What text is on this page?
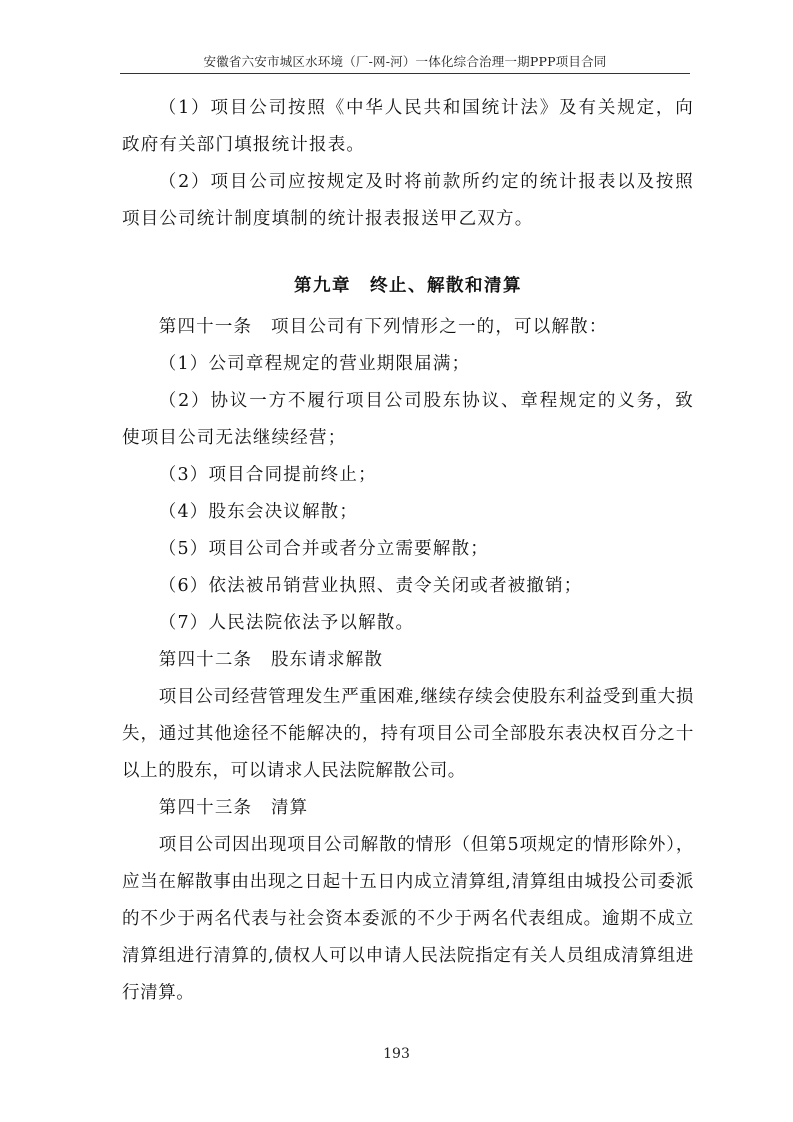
安徽省六安市城区水环境（厂-网-河）一体化综合治理一期PPP项目合同

（1）项目公司按照《中华人民共和国统计法》及有关规定，向政府有关部门填报统计报表。

（2）项目公司应按规定及时将前款所约定的统计报表以及按照项目公司统计制度填制的统计报表报送甲乙双方。

第九章　终止、解散和清算

第四十一条　项目公司有下列情形之一的，可以解散：

（1）公司章程规定的营业期限届满；

（2）协议一方不履行项目公司股东协议、章程规定的义务，致使项目公司无法继续经营；

（3）项目合同提前终止；

（4）股东会决议解散；

（5）项目公司合并或者分立需要解散；

（6）依法被吊销营业执照、责令关闭或者被撤销；

（7）人民法院依法予以解散。

第四十二条　股东请求解散

项目公司经营管理发生严重困难,继续存续会使股东利益受到重大损失，通过其他途径不能解决的，持有项目公司全部股东表决权百分之十以上的股东，可以请求人民法院解散公司。

第四十三条　清算

项目公司因出现项目公司解散的情形（但第5项规定的情形除外），应当在解散事由出现之日起十五日内成立清算组,清算组由城投公司委派的不少于两名代表与社会资本委派的不少于两名代表组成。逾期不成立清算组进行清算的,债权人可以申请人民法院指定有关人员组成清算组进行清算。

193
